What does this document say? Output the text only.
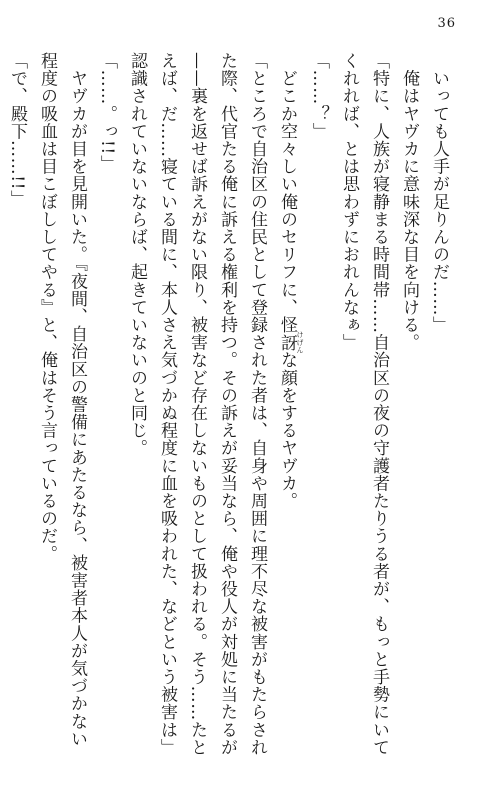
36
　いっても人手が足りんのだ……」
　俺はヤヴカに意味深な目を向ける。
「特に、人族が寝静まる時間帯……自治区の夜の守護者たりうる者が、もっと手勢にいて
くれれば、とは思わずにおれんなぁ」
「……？」
　どこか空々しい俺のセリフに、怪訝 けげんな顔をするヤヴカ。
「ところで自治区の住民として登録された者は、自身や周囲に理不尽な被害がもたらされ
た際、代官たる俺に訴える権利を持つ。その訴えが妥当なら、俺や役人が対処に当たるが
——裏を返せば訴えがない限り、被害など存在しないものとして扱われる。そう……たと
えば、だ……寝ている間に、本人さえ気づかぬ程度に血を吸われた、などという被害は」
認識されていないならば、起きていないのと同じ。
「……。っ!!」
　ヤヴカが目を見開いた。『夜間、自治区の警備にあたるなら、被害者本人が気づかない
程度の吸血は目こぼししてやる』と、俺はそう言っているのだ。
「で、殿下……!!」
